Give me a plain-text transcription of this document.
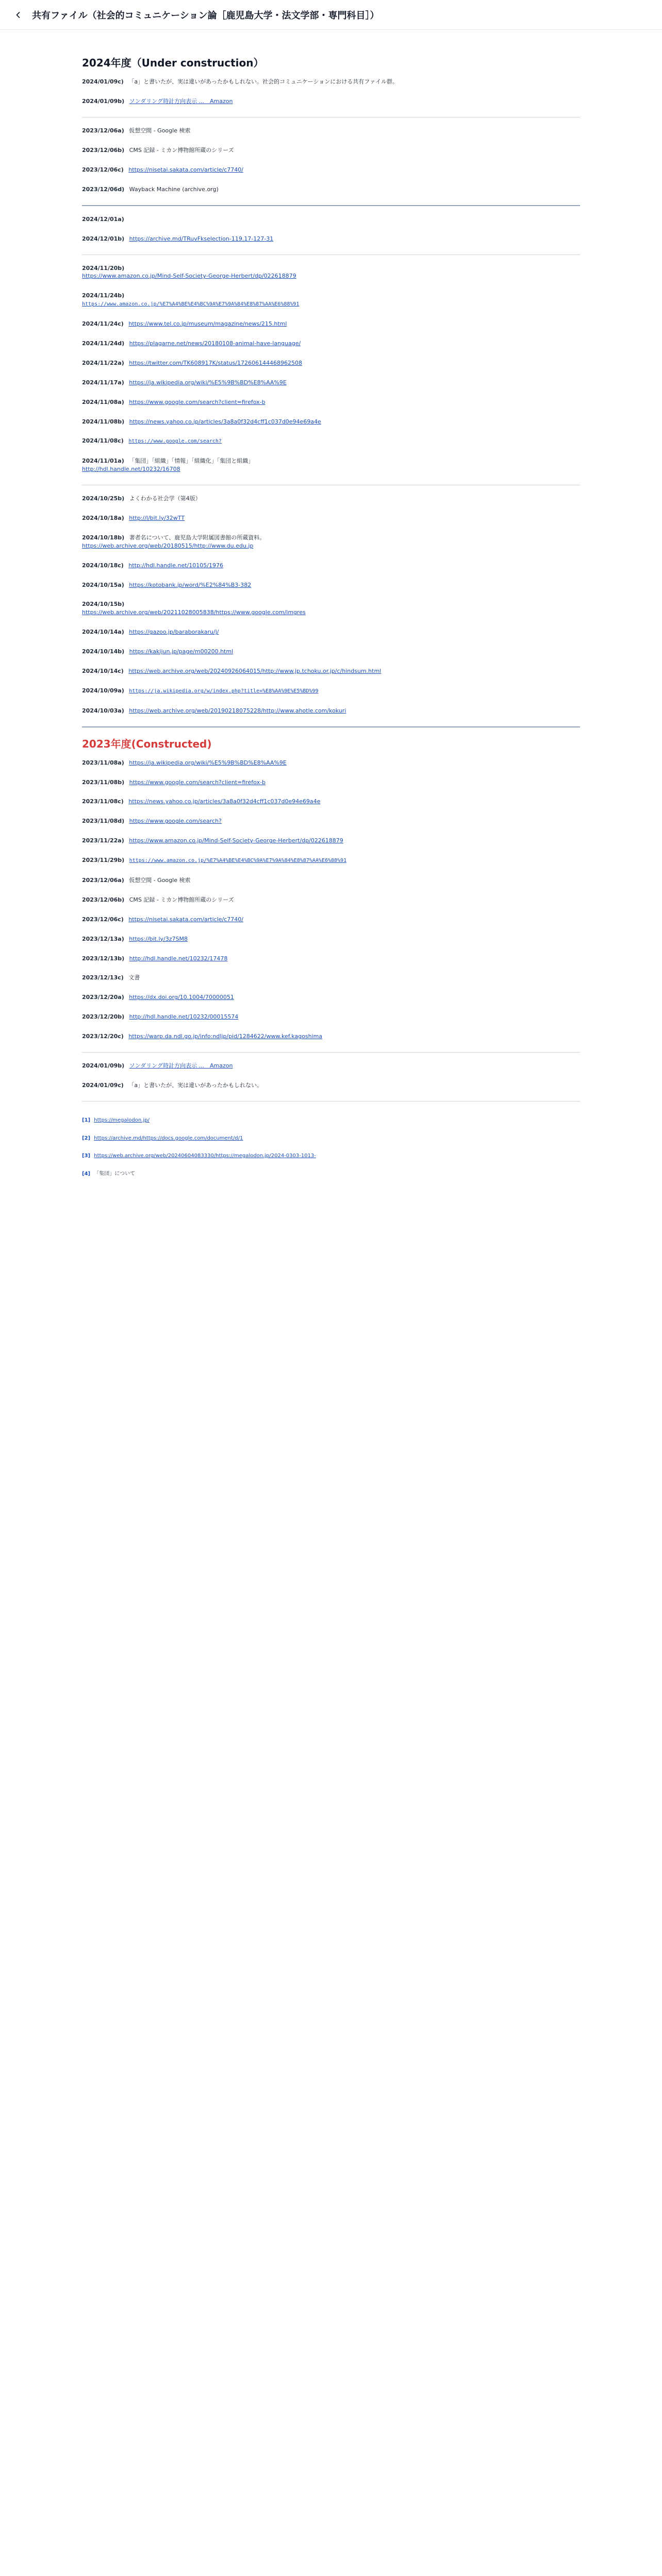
共有ファイル（社会的コミュニケーション論［鹿児島大学・法文学部・専門科目］）
2024年度（Under construction）
2024/01/09c) 「a」と書いたが、実は違いがあったかもしれない。社会的コミュニケーションにおける共有ファイル群。
2024/01/09b) ソンダリング時計方向表示 ...　Amazon
2023/12/06a) 仮想空間 - Google 検索
2023/12/06b) CMS 記録 - ミカン博物館所蔵のシリーズ
2023/12/06c) https://nisetai.sakata.com/article/c7740/
2023/12/06d) Wayback Machine (archive.org)
2024/12/01a)
2024/12/01b) https://archive.md/TRuvFkselection-119.17-127-31
2024/11/20b)
https://www.amazon.co.jp/Mind-Self-Society-George-Herbert/dp/022618879
2024/11/24b)
https://www.amazon.co.jp/%E7%A4%BE%E4%BC%9A%E7%9A%84%E8%87%AA%E6%88%91
2024/11/24c) https://www.tel.co.jp/museum/magazine/news/215.html
2024/11/24d) https://plagarne.net/news/20180108-animal-have-language/
2024/11/22a) https://twitter.com/TK608917K/status/172606144468962508
2024/11/17a) https://ja.wikipedia.org/wiki/%E5%9B%BD%E8%AA%9E
2024/11/08a) https://www.google.com/search?client=firefox-b
2024/11/08b) https://news.yahoo.co.jp/articles/3a8a0f32d4cff1c037d0e94e69a4e
2024/11/08c) https://www.google.com/search?
2024/11/01a) 「集団」「組織」「情報」「組織化」「集団と組織」
http://hdl.handle.net/10232/16708
2024/10/25b) よくわかる社会学（第4版）
2024/10/18a) http://l/bit.ly/32wTT
2024/10/18b) 著者名について、鹿児島大学附属図書館の所蔵資料。
https://web.archive.org/web/20180515/http://www.du.edu.jp
2024/10/18c) http://hdl.handle.net/10105/1976
2024/10/15a) https://kotobank.jp/word/%E2%84%B3-382
2024/10/15b)
https://web.archive.org/web/20211028005838/https://www.google.com/imgres
2024/10/14a) https://gazoo.jp/baraborakaru/j/
2024/10/14b) https://kakijun.jp/page/m00200.html
2024/10/14c) https://web.archive.org/web/20240926064015/http://www.jp.tchoku.or.jp/c/hindsum.html
2024/10/09a) https://ja.wikipedia.org/w/index.php?title=%E8%AA%9E%E5%BD%99
2024/10/03a) https://web.archive.org/web/20190218075228/http://www.ahotle.com/kokuri
2023年度(Constructed)
2023/11/08a) https://ja.wikipedia.org/wiki/%E5%9B%BD%E8%AA%9E
2023/11/08b) https://www.google.com/search?client=firefox-b
2023/11/08c) https://news.yahoo.co.jp/articles/3a8a0f32d4cff1c037d0e94e69a4e
2023/11/08d) https://www.google.com/search?
2023/11/22a) https://www.amazon.co.jp/Mind-Self-Society-George-Herbert/dp/022618879
2023/11/29b) https://www.amazon.co.jp/%E7%A4%BE%E4%BC%9A%E7%9A%84%E8%87%AA%E6%88%91
2023/12/06a) 仮想空間 - Google 検索
2023/12/06b) CMS 記録 - ミカン博物館所蔵のシリーズ
2023/12/06c) https://nisetai.sakata.com/article/c7740/
2023/12/13a) https://bit.ly/3z7SM8
2023/12/13b) http://hdl.handle.net/10232/17478
2023/12/13c) 文書
2023/12/20a) https://dx.doi.org/10.1004/70000051
2023/12/20b) http://hdl.handle.net/10232/00015574
2023/12/20c) https://warp.da.ndl.go.jp/info:ndljp/pid/1284622/www.kef.kagoshima
2024/01/09b) ソンダリング時計方向表示 ...　Amazon
2024/01/09c) 「a」と書いたが、実は違いがあったかもしれない。
[1] https://megalodon.jp/
[2] https://archive.md/https://docs.google.com/document/d/1
[3] https://web.archive.org/web/20240604083330/https://megalodon.jp/2024-0303-1013-
[4] 「集団」について
